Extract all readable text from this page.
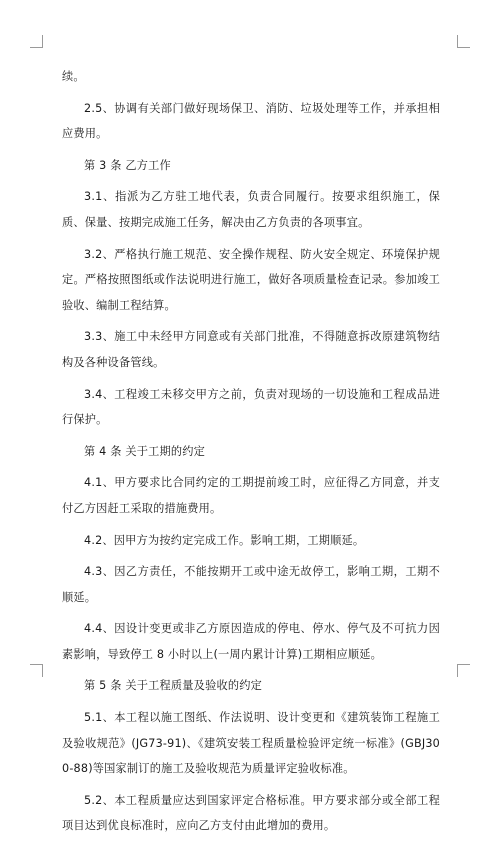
续。

2.5、协调有关部门做好现场保卫、消防、垃圾处理等工作，并承担相应费用。

第 3 条 乙方工作

3.1、指派为乙方驻工地代表，负责合同履行。按要求组织施工，保质、保量、按期完成施工任务，解决由乙方负责的各项事宜。

3.2、严格执行施工规范、安全操作规程、防火安全规定、环境保护规定。严格按照图纸或作法说明进行施工，做好各项质量检查记录。参加竣工验收、编制工程结算。

3.3、施工中未经甲方同意或有关部门批准，不得随意拆改原建筑物结构及各种设备管线。

3.4、工程竣工未移交甲方之前，负责对现场的一切设施和工程成品进行保护。

第 4 条 关于工期的约定

4.1、甲方要求比合同约定的工期提前竣工时，应征得乙方同意，并支付乙方因赶工采取的措施费用。

4.2、因甲方为按约定完成工作。影响工期，工期顺延。

4.3、因乙方责任，不能按期开工或中途无故停工，影响工期，工期不顺延。

4.4、因设计变更或非乙方原因造成的停电、停水、停气及不可抗力因素影响，导致停工 8 小时以上(一周内累计计算)工期相应顺延。

第 5 条 关于工程质量及验收的约定

5.1、本工程以施工图纸、作法说明、设计变更和《建筑装饰工程施工及验收规范》(JG73-91)、《建筑安装工程质量检验评定统一标准》(GBJ300-88)等国家制订的施工及验收规范为质量评定验收标准。

5.2、本工程质量应达到国家评定合格标准。甲方要求部分或全部工程项目达到优良标准时，应向乙方支付由此增加的费用。
